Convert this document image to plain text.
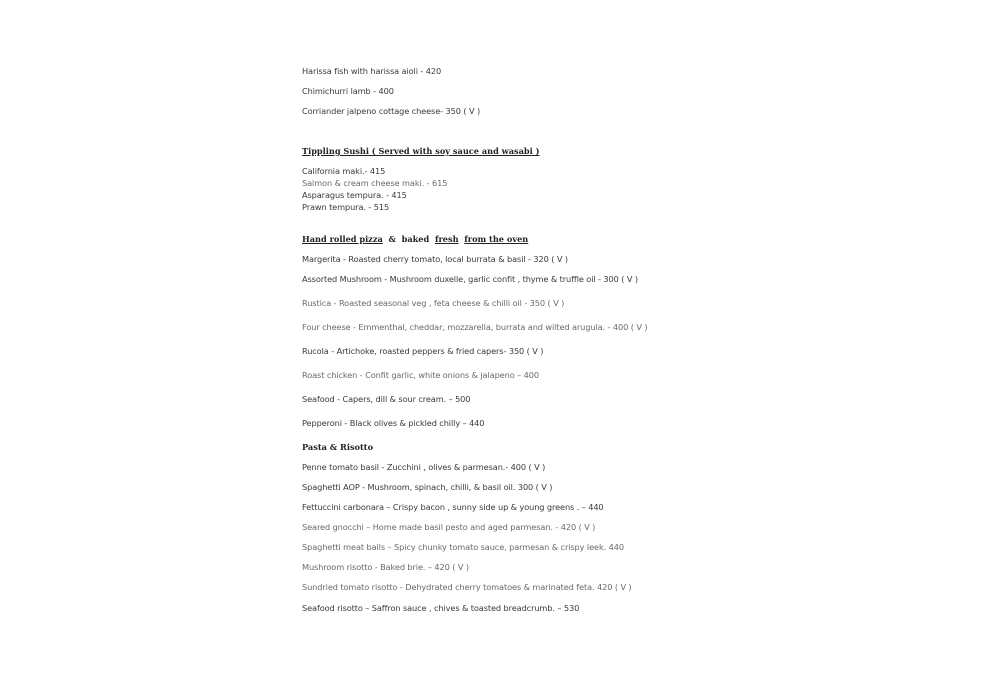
Harissa fish with harissa aioli - 420
Chimichurri lamb - 400
Corriander jalpeno cottage cheese- 350 ( V )
Tippling Sushi ( Served with soy sauce and wasabi )
California maki.- 415
Salmon & cream cheese maki. - 615
Asparagus tempura. - 415
Prawn tempura. - 515
Hand rolled pizza  &  baked  fresh from the oven
Margerita - Roasted cherry tomato, local burrata & basil - 320 ( V )
Assorted Mushroom - Mushroom duxelle, garlic confit , thyme & truffle oil - 300 ( V )
Rustica - Roasted seasonal veg , feta cheese & chilli oil - 350 ( V )
Four cheese - Emmenthal, cheddar, mozzarella, burrata and wilted arugula. - 400 ( V )
Rucola - Artichoke, roasted peppers & fried capers- 350 ( V )
Roast chicken - Confit garlic, white onions & jalapeno – 400
Seafood - Capers, dill & sour cream. – 500
Pepperoni - Black olives & pickled chilly – 440
Pasta & Risotto
Penne tomato basil - Zucchini , olives & parmesan.- 400 ( V )
Spaghetti AOP - Mushroom, spinach, chilli, & basil oil. 300 ( V )
Fettuccini carbonara – Crispy bacon , sunny side up & young greens . – 440
Seared gnocchi – Home made basil pesto and aged parmesan. - 420 ( V )
Spaghetti meat balls – Spicy chunky tomato sauce, parmesan & crispy leek. 440
Mushroom risotto - Baked brie. – 420 ( V )
Sundried tomato risotto - Dehydrated cherry tomatoes & marinated feta. 420 ( V )
Seafood risotto – Saffron sauce , chives & toasted breadcrumb. – 530
